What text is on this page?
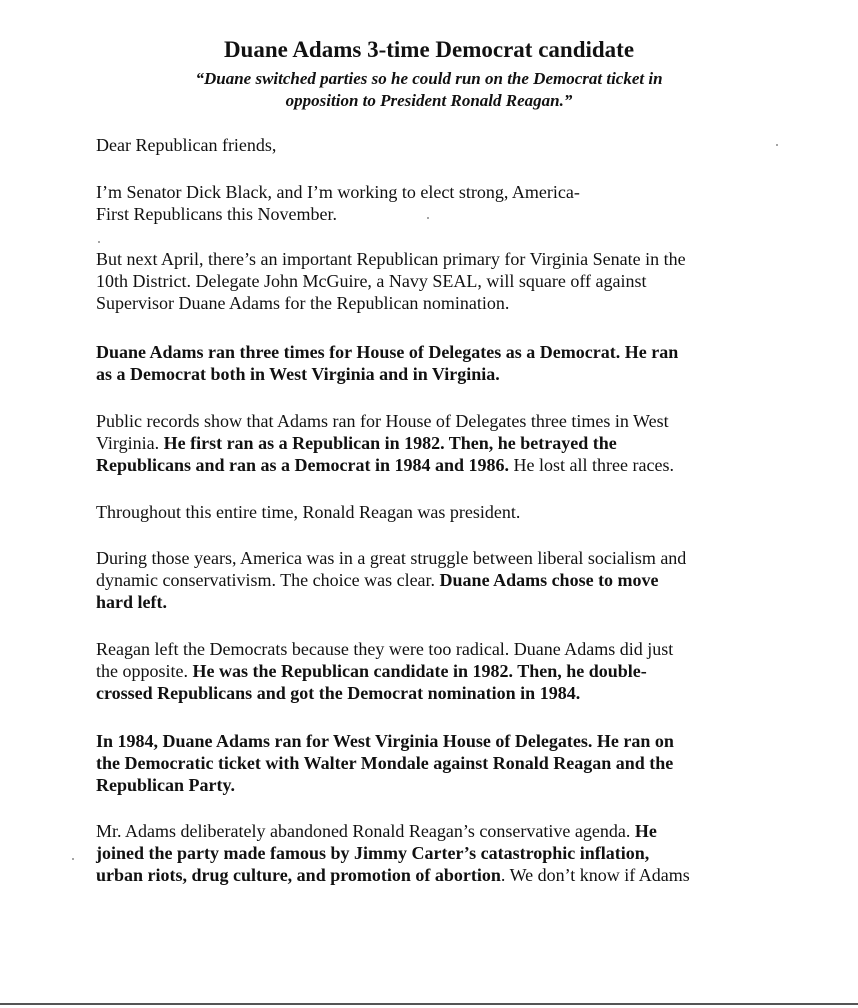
Duane Adams 3-time Democrat candidate
“Duane switched parties so he could run on the Democrat ticket in
opposition to President Ronald Reagan.”
Dear Republican friends,
I’m Senator Dick Black, and I’m working to elect strong, America-
First Republicans this November.
But next April, there’s an important Republican primary for Virginia Senate in the
10th District. Delegate John McGuire, a Navy SEAL, will square off against
Supervisor Duane Adams for the Republican nomination.
Duane Adams ran three times for House of Delegates as a Democrat. He ran
as a Democrat both in West Virginia and in Virginia.
Public records show that Adams ran for House of Delegates three times in West
Virginia. He first ran as a Republican in 1982. Then, he betrayed the
Republicans and ran as a Democrat in 1984 and 1986. He lost all three races.
Throughout this entire time, Ronald Reagan was president.
During those years, America was in a great struggle between liberal socialism and
dynamic conservativism. The choice was clear. Duane Adams chose to move
hard left.
Reagan left the Democrats because they were too radical. Duane Adams did just
the opposite. He was the Republican candidate in 1982. Then, he double-
crossed Republicans and got the Democrat nomination in 1984.
In 1984, Duane Adams ran for West Virginia House of Delegates. He ran on
the Democratic ticket with Walter Mondale against Ronald Reagan and the
Republican Party.
Mr. Adams deliberately abandoned Ronald Reagan’s conservative agenda. He
joined the party made famous by Jimmy Carter’s catastrophic inflation,
urban riots, drug culture, and promotion of abortion. We don’t know if Adams
